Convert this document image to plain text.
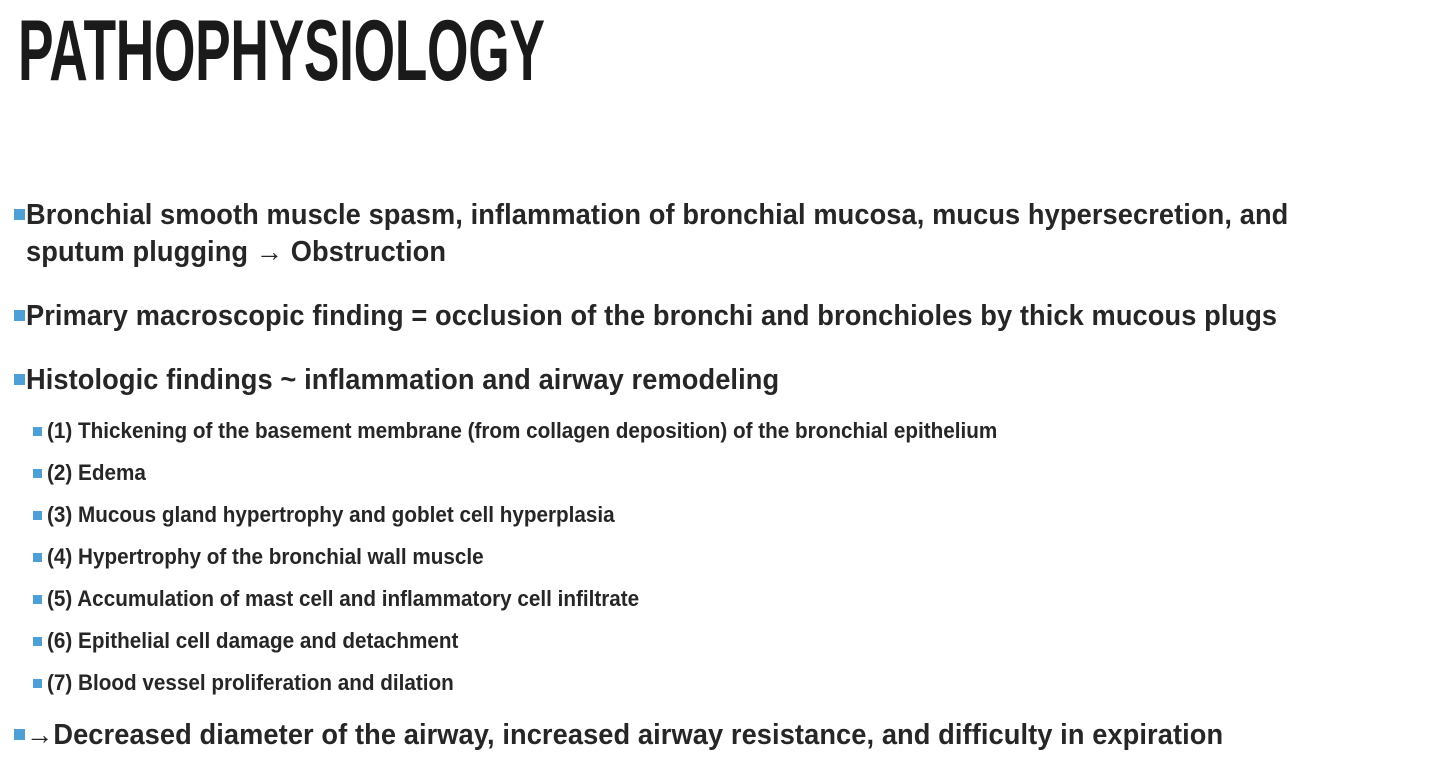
PATHOPHYSIOLOGY
Bronchial smooth muscle spasm, inflammation of bronchial mucosa, mucus hypersecretion, and sputum plugging → Obstruction
Primary macroscopic finding = occlusion of the bronchi and bronchioles by thick mucous plugs
Histologic findings ~ inflammation and airway remodeling
(1) Thickening of the basement membrane (from collagen deposition) of the bronchial epithelium
(2) Edema
(3) Mucous gland hypertrophy and goblet cell hyperplasia
(4) Hypertrophy of the bronchial wall muscle
(5) Accumulation of mast cell and inflammatory cell infiltrate
(6) Epithelial cell damage and detachment
(7) Blood vessel proliferation and dilation
→Decreased diameter of the airway, increased airway resistance, and difficulty in expiration
